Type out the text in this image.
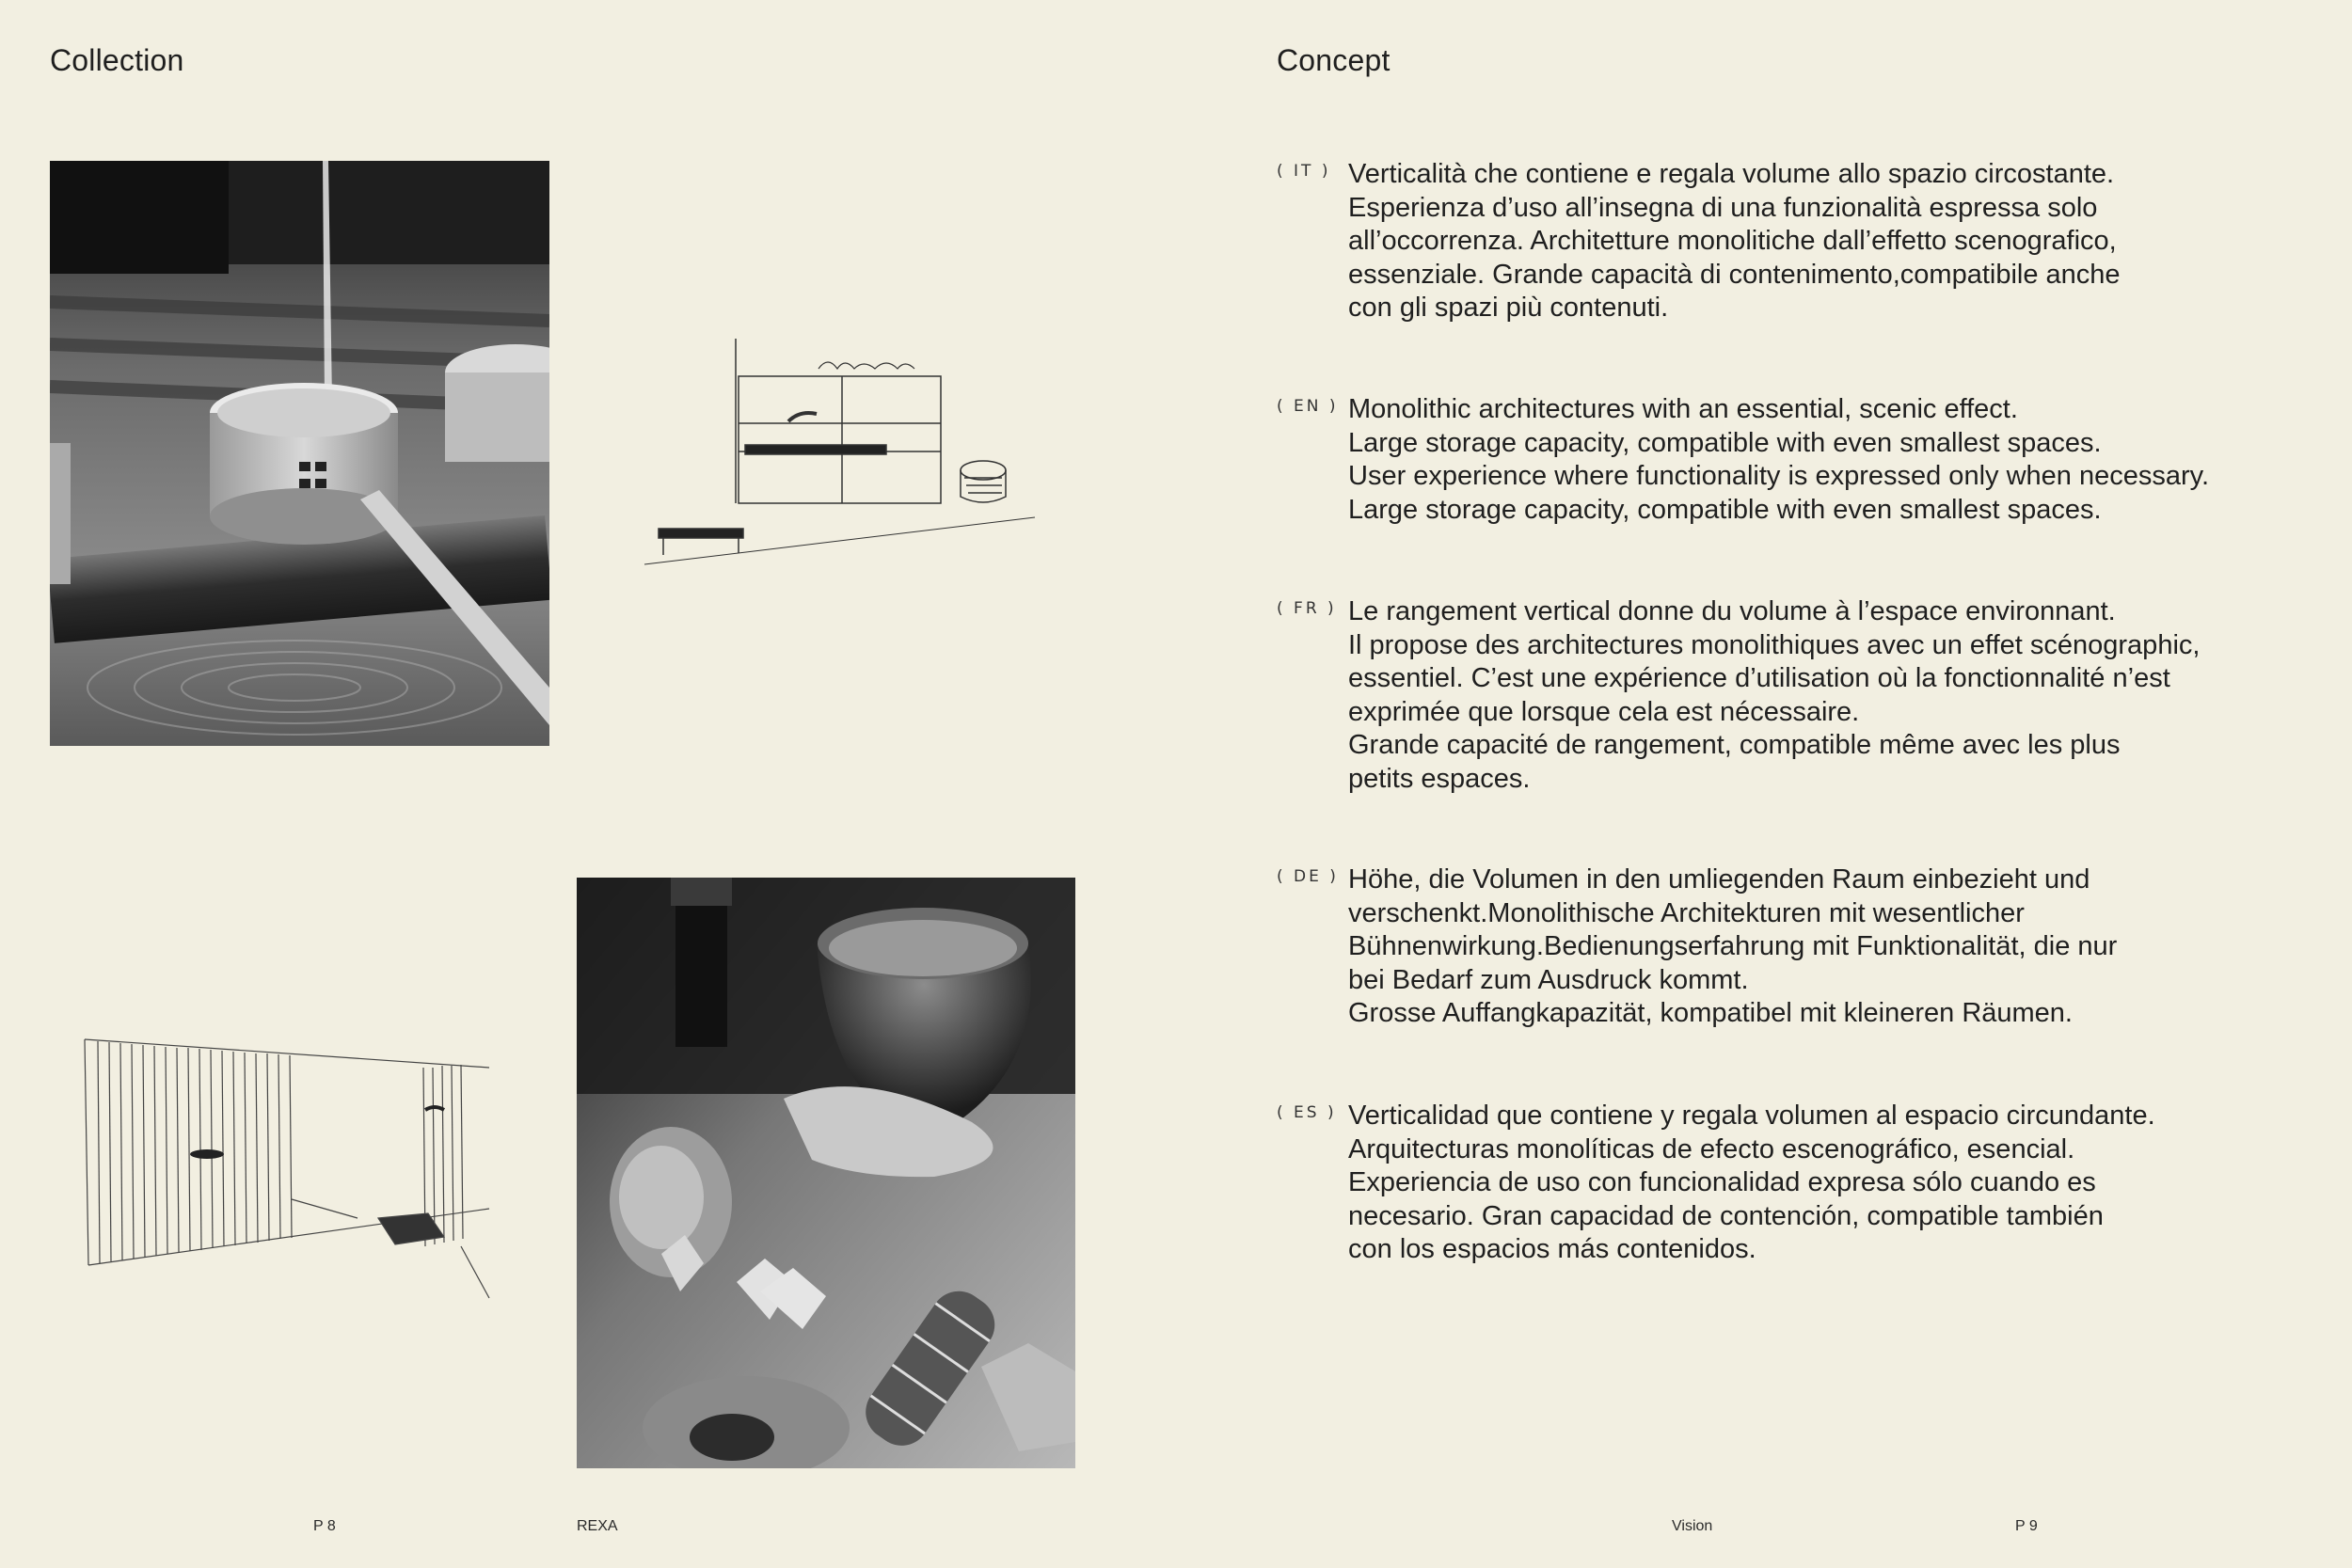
Collection	Concept
( IT ) Verticalità che contiene e regala volume allo spazio circostante.
Esperienza d’uso all’insegna di una funzionalità espressa solo
all’occorrenza. Architetture monolitiche dall’effetto scenografico,
essenziale. Grande capacità di contenimento,compatibile anche
con gli spazi più contenuti.
( EN ) Monolithic architectures with an essential, scenic effect.
Large storage capacity, compatible with even smallest spaces.
User experience where functionality is expressed only when necessary.
Large storage capacity, compatible with even smallest spaces.
( FR ) Le rangement vertical donne du volume à l’espace environnant.
Il propose des architectures monolithiques avec un effet scénographic,
essentiel. C’est une expérience d’utilisation où la fonctionnalité n’est
exprimée que lorsque cela est nécessaire.
Grande capacité de rangement, compatible même avec les plus
petits espaces.
( DE ) Höhe, die Volumen in den umliegenden Raum einbezieht und
verschenkt.Monolithische Architekturen mit wesentlicher
Bühnenwirkung.Bedienungserfahrung mit Funktionalität, die nur
bei Bedarf zum Ausdruck kommt.
Grosse Auffangkapazität, kompatibel mit kleineren Räumen.
( ES ) Verticalidad que contiene y regala volumen al espacio circundante.
Arquitecturas monolíticas de efecto escenográfico, esencial.
Experiencia de uso con funcionalidad expresa sólo cuando es
necesario. Gran capacidad de contención, compatible también
con los espacios más contenidos.
P 8	REXA	Vision	P 9
